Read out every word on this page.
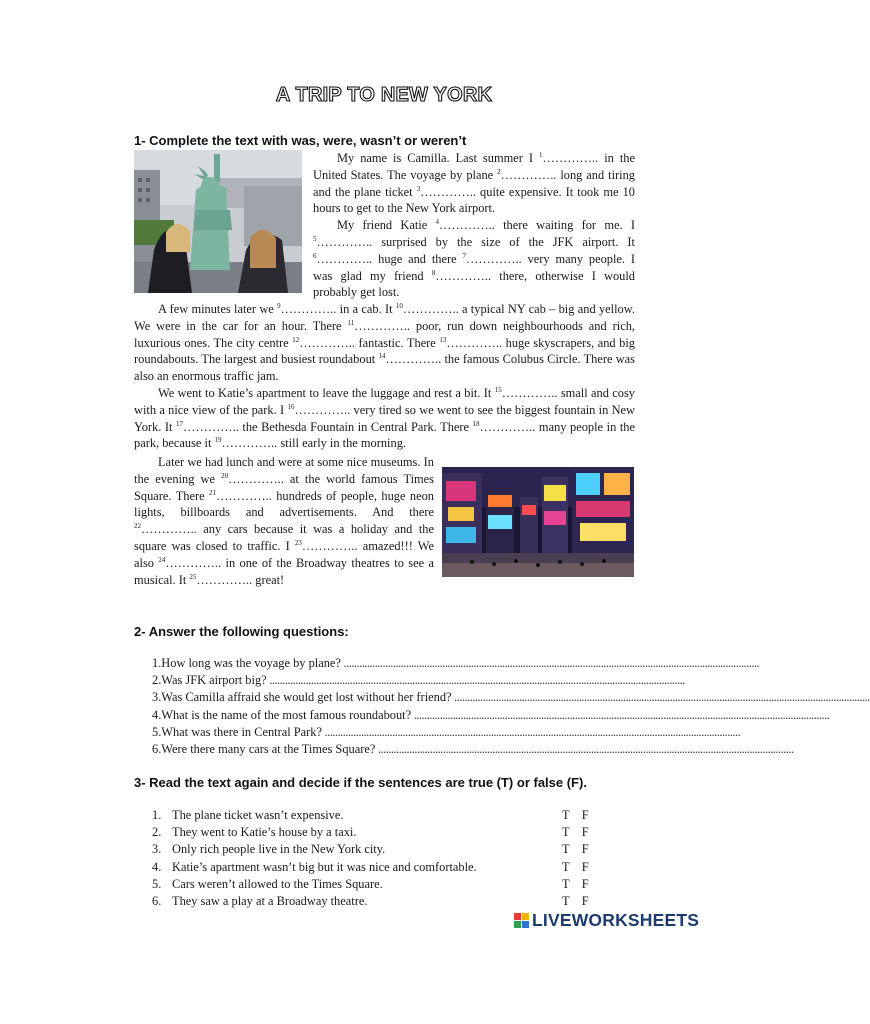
A TRIP TO NEW YORK
1- Complete the text with was, were, wasn’t or weren’t

My name is Camilla. Last summer I $^1$………….. in the United States. The voyage by plane $^2$………….. long and tiring and the plane ticket $^3$………….. quite expensive. It took me 10 hours to get to the New York airport.

My friend Katie $^4$………….. there waiting for me. I $^5$………….. surprised by the size of the JFK airport. It $^6$………….. huge and there $^7$………….. very many people. I was glad my friend $^8$………….. there, otherwise I would probably get lost.

A few minutes later we $^9$………….. in a cab. It $^{10}$………….. a typical NY cab – big and yellow. We were in the car for an hour. There $^{11}$………….. poor, run down neighbourhoods and rich, luxurious ones. The city centre $^{12}$………….. fantastic. There $^{13}$………….. huge skyscrapers, and big roundabouts. The largest and busiest roundabout $^{14}$………….. the famous Colubus Circle. There was also an enormous traffic jam.

We went to Katie’s apartment to leave the luggage and rest a bit. It $^{15}$………….. small and cosy with a nice view of the park. I $^{16}$………….. very tired so we went to see the biggest fountain in New York. It $^{17}$………….. the Bethesda Fountain in Central Park. There $^{18}$………….. many people in the park, because it $^{19}$………….. still early in the morning.

Later we had lunch and were at some nice museums. In the evening we $^{20}$………….. at the world famous Times Square. There $^{21}$………….. hundreds of people, huge neon lights, billboards and advertisements. And there $^{22}$………….. any cars because it was a holiday and the square was closed to traffic. I $^{23}$………….. amazed!!! We also $^{24}$………….. in one of the Broadway theatres to see a musical. It $^{25}$………….. great!

2- Answer the following questions:
1. How long was the voyage by plane? ................................................................................................................................................................
2. Was JFK airport big? ................................................................................................................................................................
3. Was Camilla affraid she would get lost without her friend? ................................................................................................................................................................
4. What is the name of the most famous roundabout? ................................................................................................................................................................
5. What was there in Central Park? ................................................................................................................................................................
6. Were there many cars at the Times Square? ................................................................................................................................................................
3- Read the text again and decide if the sentences are true (T) or false (F).
1. The plane ticket wasn’t expensive.	T    F
2. They went to Katie’s house by a taxi.	T    F
3. Only rich people live in the New York city.	T    F
4. Katie’s apartment wasn’t big but it was nice and comfortable.	T    F
5. Cars weren’t allowed to the Times Square.	T    F
6. They saw a play at a Broadway theatre.	T    F
LIVEWORKSHEETS
